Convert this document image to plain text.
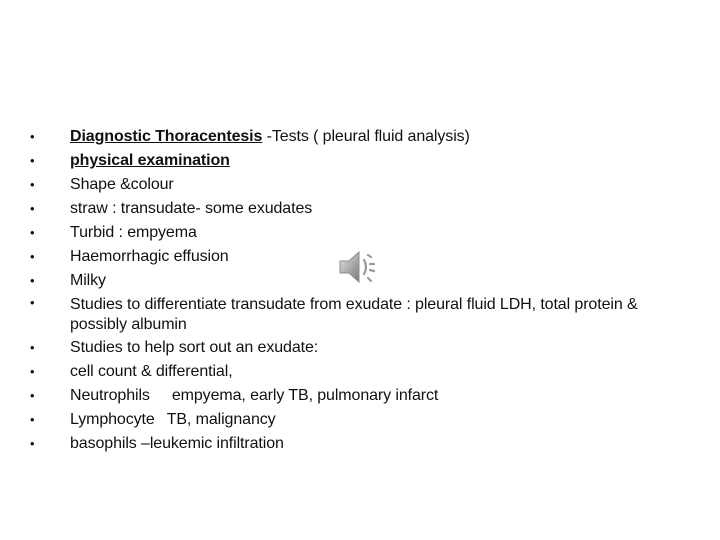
•	Diagnostic Thoracentesis -Tests ( pleural fluid analysis)
•	physical examination
•	Shape &colour
•	straw : transudate- some exudates
•	Turbid : empyema
•	Haemorrhagic effusion
•	Milky
•	Studies to differentiate transudate from exudate : pleural fluid LDH, total protein & possibly albumin
•	Studies to help sort out an exudate:
•	cell count & differential,
•	Neutrophils empyema, early TB, pulmonary infarct
•	Lymphocyte TB, malignancy
•	basophils –leukemic infiltration
